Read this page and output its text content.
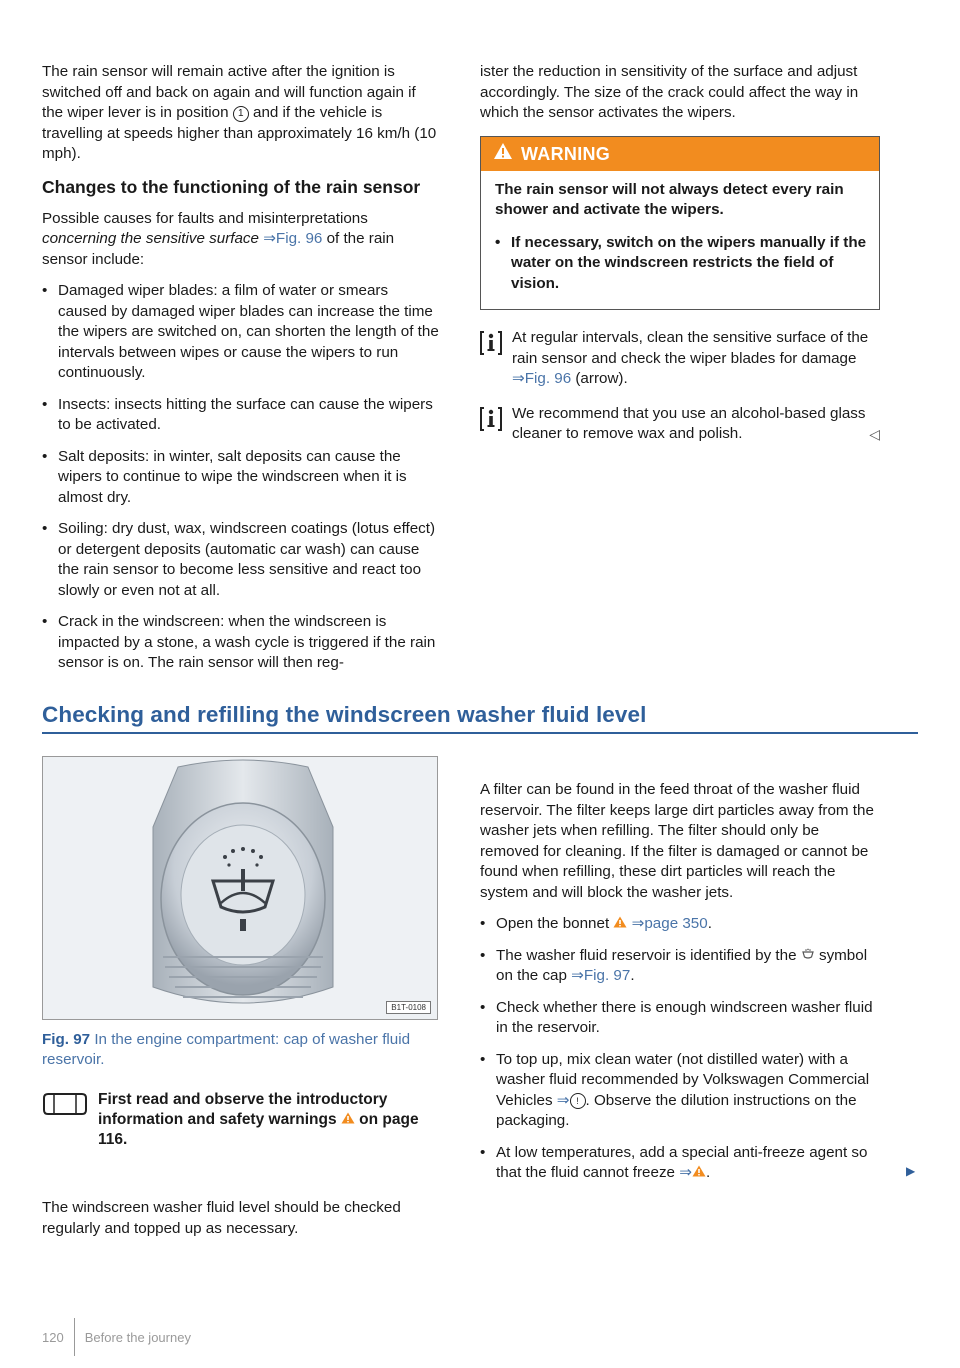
The rain sensor will remain active after the ignition is switched off and back on again and will function again if the wiper lever is in position 1 and if the vehicle is travelling at speeds higher than approximately 16 km/h (10 mph).

Changes to the functioning of the rain sensor

Possible causes for faults and misinterpretations concerning the sensitive surface ⇒Fig. 96 of the rain sensor include:

• Damaged wiper blades: a film of water or smears caused by damaged wiper blades can increase the time the wipers are switched on, can shorten the length of the intervals between wipes or cause the wipers to run continuously.
• Insects: insects hitting the surface can cause the wipers to be activated.
• Salt deposits: in winter, salt deposits can cause the wipers to continue to wipe the windscreen when it is almost dry.
• Soiling: dry dust, wax, windscreen coatings (lotus effect) or detergent deposits (automatic car wash) can cause the rain sensor to become less sensitive and react too slowly or even not at all.
• Crack in the windscreen: when the windscreen is impacted by a stone, a wash cycle is triggered if the rain sensor is on. The rain sensor will then reg-

ister the reduction in sensitivity of the surface and adjust accordingly. The size of the crack could affect the way in which the sensor activates the wipers.

WARNING

The rain sensor will not always detect every rain shower and activate the wipers.

• If necessary, switch on the wipers manually if the water on the windscreen restricts the field of vision.
At regular intervals, clean the sensitive surface of the rain sensor and check the wiper blades for damage ⇒Fig. 96 (arrow).
We recommend that you use an alcohol-based glass cleaner to remove wax and polish.	◁
Checking and refilling the windscreen washer fluid level
B1T-0108
Fig. 97 In the engine compartment: cap of washer fluid reservoir.
First read and observe the introductory information and safety warnings  on page 116.
The windscreen washer fluid level should be checked regularly and topped up as necessary.

A filter can be found in the feed throat of the washer fluid reservoir. The filter keeps large dirt particles away from the washer jets when refilling. The filter should only be removed for cleaning. If the filter is damaged or cannot be found when refilling, these dirt particles will reach the system and will block the washer jets.

• Open the bonnet  ⇒page 350.
• The washer fluid reservoir is identified by the  symbol on the cap ⇒Fig. 97.
• Check whether there is enough windscreen washer fluid in the reservoir.
• To top up, mix clean water (not distilled water) with a washer fluid recommended by Volkswagen Commercial Vehicles ⇒ ! . Observe the dilution instructions on the packaging.
• At low temperatures, add a special anti-freeze agent so that the fluid cannot freeze ⇒ .	▶
120 Before the journey
